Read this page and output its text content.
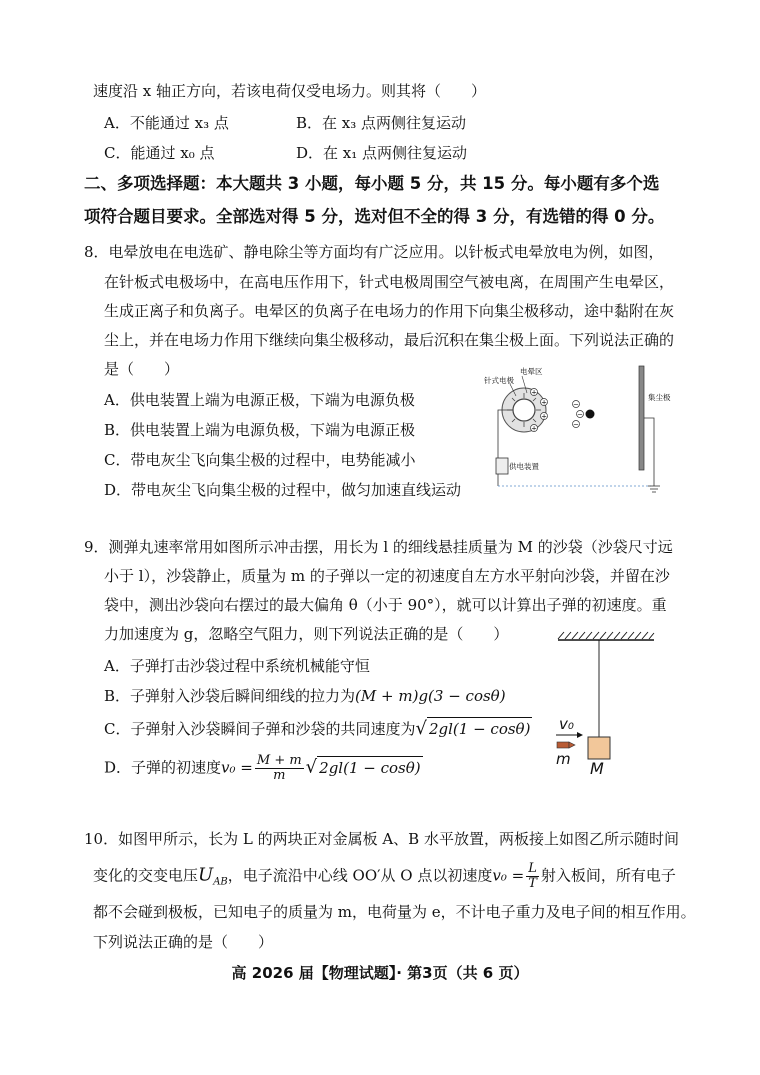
速度沿 x 轴正方向，若该电荷仅受电场力。则其将（　　）
A．不能通过 x₃ 点	B．在 x₃ 点两侧往复运动
C．能通过 x₀ 点	D．在 x₁ 点两侧往复运动
二、多项选择题：本大题共 3 小题，每小题 5 分，共 15 分。每小题有多个选
项符合题目要求。全部选对得 5 分，选对但不全的得 3 分，有选错的得 0 分。
8．电晕放电在电选矿、静电除尘等方面均有广泛应用。以针板式电晕放电为例，如图，
在针板式电极场中，在高电压作用下，针式电极周围空气被电离，在周围产生电晕区，
生成正离子和负离子。电晕区的负离子在电场力的作用下向集尘极移动，途中黏附在灰
尘上，并在电场力作用下继续向集尘极移动，最后沉积在集尘极上面。下列说法正确的
是（　　）
A．供电装置上端为电源正极，下端为电源负极
B．供电装置上端为电源负极，下端为电源正极
C．带电灰尘飞向集尘极的过程中，电势能减小
D．带电灰尘飞向集尘极的过程中，做匀加速直线运动
+
+
+
+
−
−
−
电晕区
针式电极
集尘极
供电装置
9．测弹丸速率常用如图所示冲击摆，用长为 l 的细线悬挂质量为 M 的沙袋（沙袋尺寸远
小于 l），沙袋静止，质量为 m 的子弹以一定的初速度自左方水平射向沙袋，并留在沙
袋中，测出沙袋向右摆过的最大偏角 θ（小于 90°），就可以计算出子弹的初速度。重
力加速度为 g，忽略空气阻力，则下列说法正确的是（　　）
A．子弹打击沙袋过程中系统机械能守恒
B．子弹射入沙袋后瞬间细线的拉力为(M + m)g(3 − cosθ)
C．子弹射入沙袋瞬间子弹和沙袋的共同速度为√ 2gl(1 − cosθ)
D．子弹的初速度$v_0 = \frac{M + m}{m}$ √ 2gl(1 − cosθ)	M
v₀
m
10．如图甲所示，长为 L 的两块正对金属板 A、B 水平放置，两板接上如图乙所示随时间
变化的交变电压$U_{AB}$，电子流沿中心线 OO′从 O 点以初速度$v_0 = \frac{L}{T}$ 射入板间，所有电子
都不会碰到极板，已知电子的质量为 m，电荷量为 e，不计电子重力及电子间的相互作用。
下列说法正确的是（　　）
高 2026 届【物理试题】· 第3页（共 6 页）
